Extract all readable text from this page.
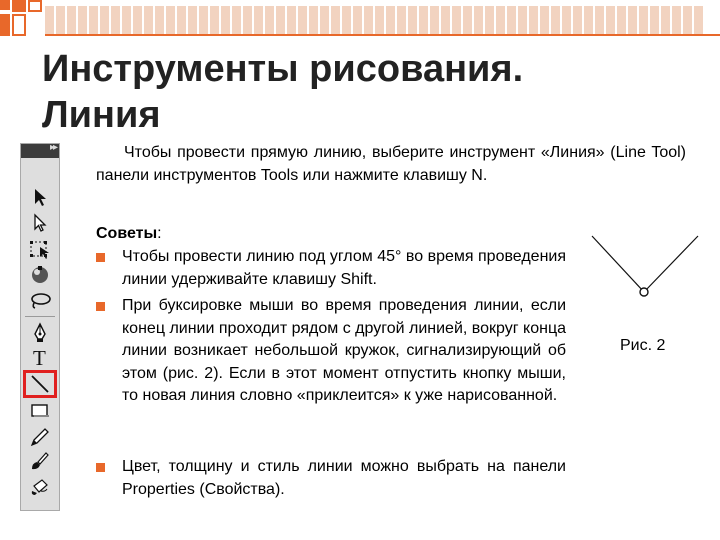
Инструменты рисования. Линия
▸▸
T
Чтобы провести прямую линию, выберите инструмент «Линия» (Line Tool) панели инструментов Tools или нажмите клавишу N.
Советы:
Чтобы провести линию под углом 45° во время проведения линии удерживайте клавишу Shift.
При буксировке мыши во время проведения линии, если конец линии проходит рядом с другой линией, вокруг конца линии возникает небольшой кружок, сигнализирующий об этом (рис. 2). Если в этот момент отпустить кнопку мыши, то новая линия словно «приклеится» к уже нарисованной.
Цвет, толщину и стиль линии можно выбрать на панели Properties (Свойства).
Рис. 2
